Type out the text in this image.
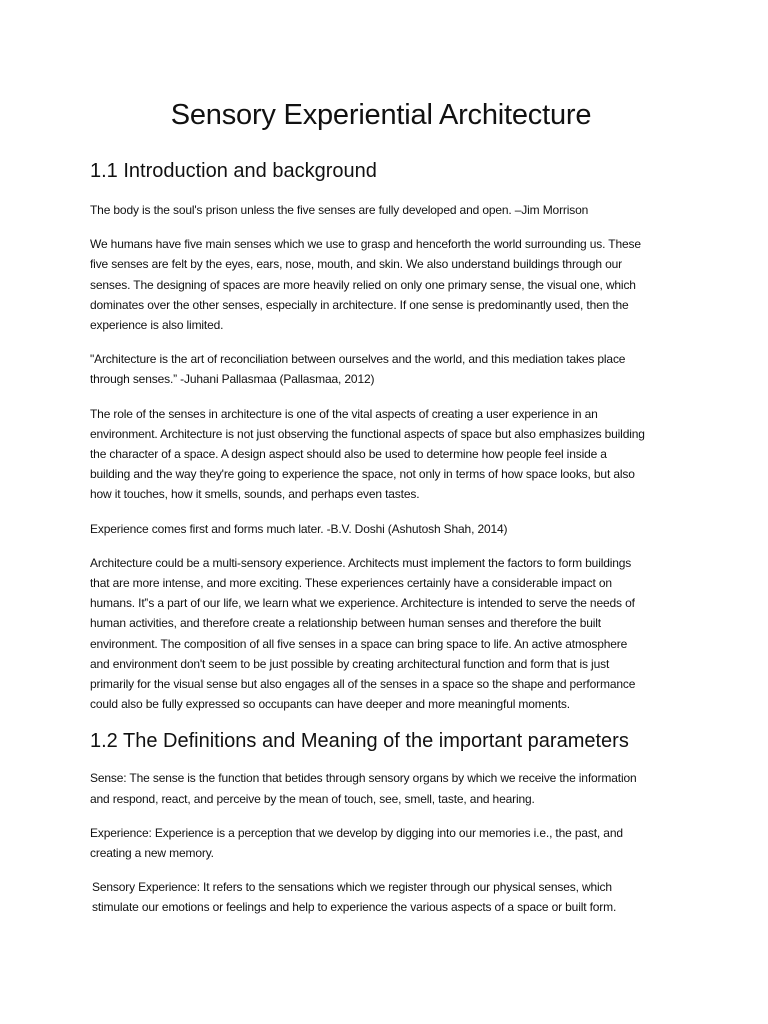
Sensory Experiential Architecture
1.1 Introduction and background

The body is the soul's prison unless the five senses are fully developed and open. –Jim Morrison

We humans have five main senses which we use to grasp and henceforth the world surrounding us. These five senses are felt by the eyes, ears, nose, mouth, and skin. We also understand buildings through our senses. The designing of spaces are more heavily relied on only one primary sense, the visual one, which dominates over the other senses, especially in architecture. If one sense is predominantly used, then the experience is also limited.

"Architecture is the art of reconciliation between ourselves and the world, and this mediation takes place through senses.” -Juhani Pallasmaa (Pallasmaa, 2012)

The role of the senses in architecture is one of the vital aspects of creating a user experience in an environment. Architecture is not just observing the functional aspects of space but also emphasizes building the character of a space. A design aspect should also be used to determine how people feel inside a building and the way they're going to experience the space, not only in terms of how space looks, but also how it touches, how it smells, sounds, and perhaps even tastes.

Experience comes first and forms much later. -B.V. Doshi (Ashutosh Shah, 2014)

Architecture could be a multi-sensory experience. Architects must implement the factors to form buildings that are more intense, and more exciting. These experiences certainly have a considerable impact on humans. It‟s a part of our life, we learn what we experience. Architecture is intended to serve the needs of human activities, and therefore create a relationship between human senses and therefore the built environment. The composition of all five senses in a space can bring space to life. An active atmosphere and environment don't seem to be just possible by creating architectural function and form that is just primarily for the visual sense but also engages all of the senses in a space so the shape and performance could also be fully expressed so occupants can have deeper and more meaningful moments.

1.2 The Definitions and Meaning of the important parameters

Sense: The sense is the function that betides through sensory organs by which we receive the information and respond, react, and perceive by the mean of touch, see, smell, taste, and hearing.

Experience: Experience is a perception that we develop by digging into our memories i.e., the past, and creating a new memory.

Sensory Experience: It refers to the sensations which we register through our physical senses, which stimulate our emotions or feelings and help to experience the various aspects of a space or built form.
